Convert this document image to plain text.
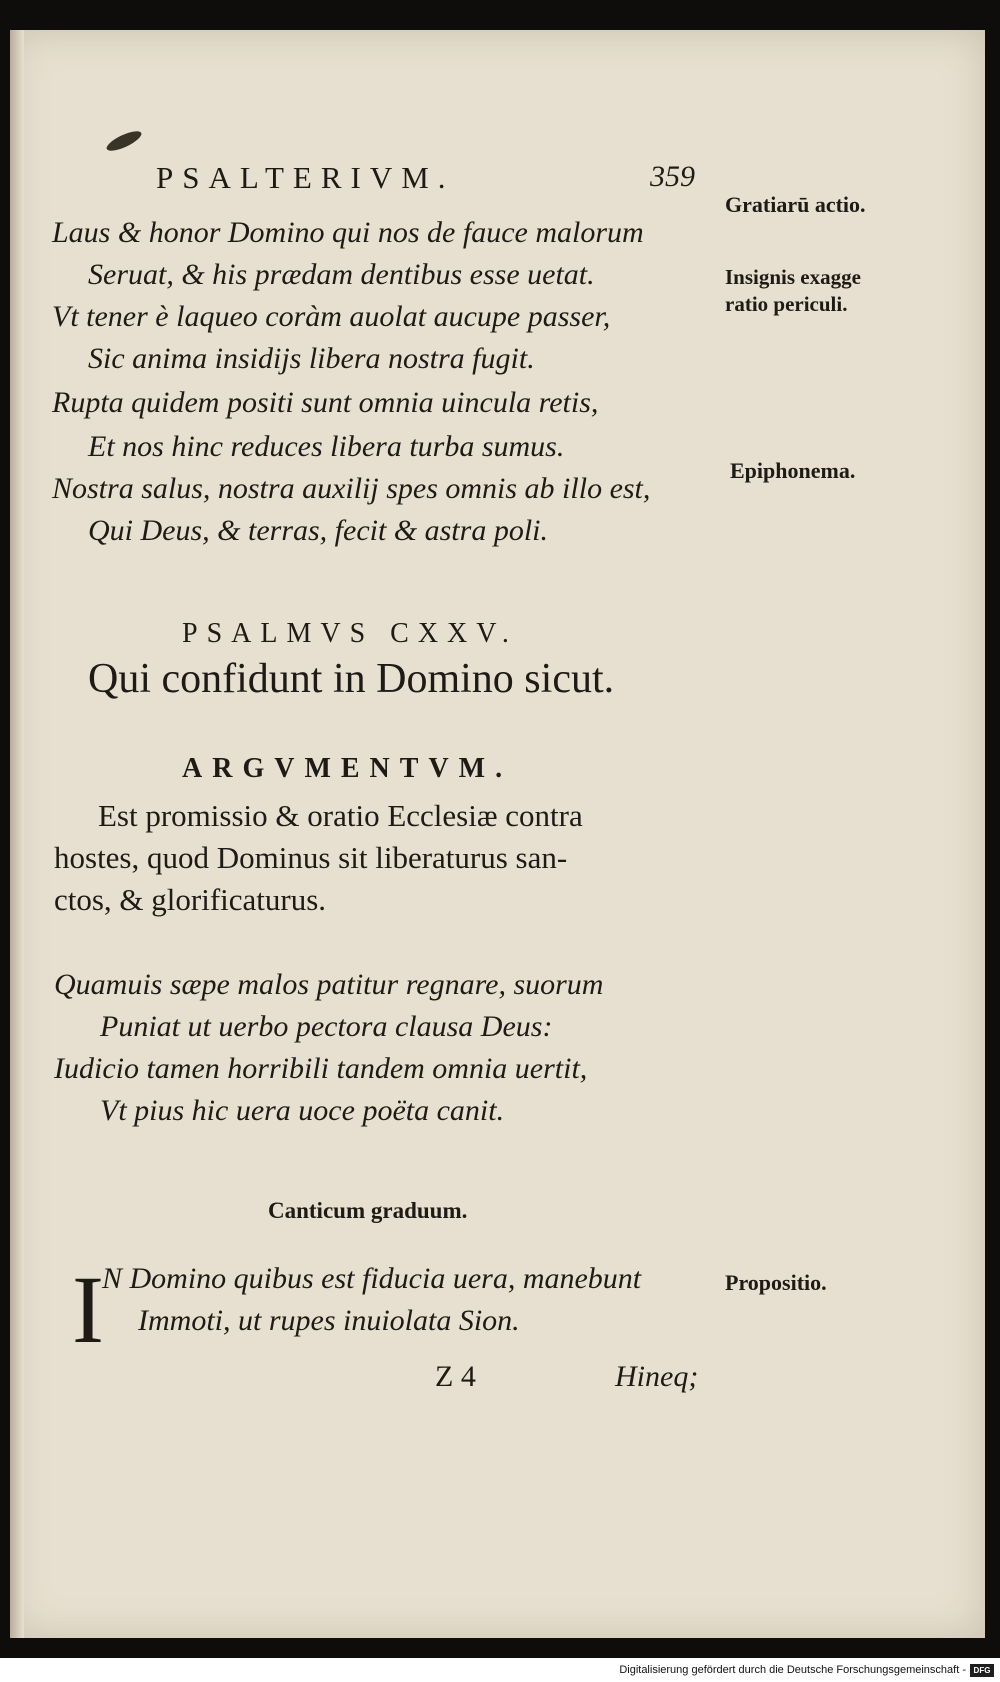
PSALTERIVM.	359

Laus & honor Domino qui nos de fauce malorum

Seruat, & his prædam dentibus esse uetat.

Vt tener è laqueo coràm auolat aucupe passer,

Sic anima insidijs libera nostra fugit.

Rupta quidem positi sunt omnia uincula retis,

Et nos hinc reduces libera turba sumus.

Nostra salus, nostra auxilij spes omnis ab illo est,

Qui Deus, & terras, fecit & astra poli.

Gratiarū actio.

Insignis exagge

ratio periculi.

Epiphonema.

PSALMVS CXXV.

Qui confidunt in Domino sicut.

ARGVMENTVM.

Est promissio & oratio Ecclesiæ contra

hostes, quod Dominus sit liberaturus san-

ctos, & glorificaturus.

Quamuis sæpe malos patitur regnare, suorum

Puniat ut uerbo pectora clausa Deus:

Iudicio tamen horribili tandem omnia uertit,

Vt pius hic uera uoce poëta canit.

Canticum graduum.

I

N Domino quibus est fiducia uera, manebunt

Immoti, ut rupes inuiolata Sion.

Propositio.

Z 4	Hineq;

Digitalisierung gefördert durch die Deutsche Forschungsgemeinschaft - DFG
